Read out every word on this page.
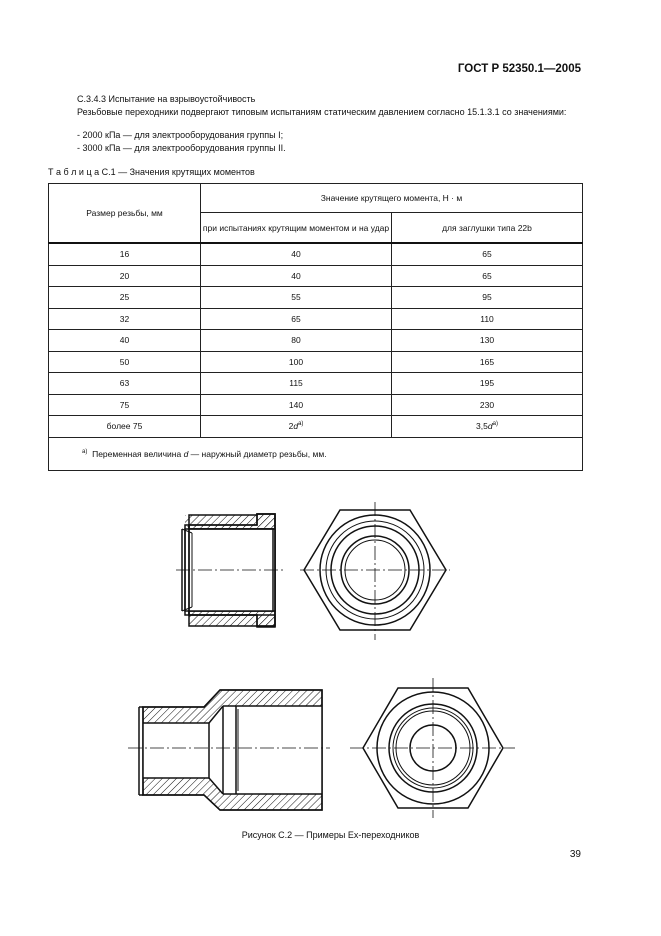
ГОСТ Р 52350.1—2005
С.3.4.3 Испытание на взрывоустойчивость
Резьбовые переходники подвергают типовым испытаниям статическим давлением согласно 15.1.3.1 со значениями:
- 2000 кПа — для электрооборудования группы I;
- 3000 кПа — для электрооборудования группы II.
Т а б л и ц а С.1 — Значения крутящих моментов
Размер резьбы, мм	Значение крутящего момента, Н · м	
	при испытаниях крутящим моментом и на удар	для заглушки типа 22b
16	40	65
20	40	65
25	55	95
32	65	110
40	80	130
50	100	165
63	115	195
75	140	230
более 75	$2d^{а)}$	$3,5d^{а)}$
$^{а)}$ Переменная величина d — наружный диаметр резьбы, мм.		
Рисунок С.2 — Примеры Ex-переходников
39
